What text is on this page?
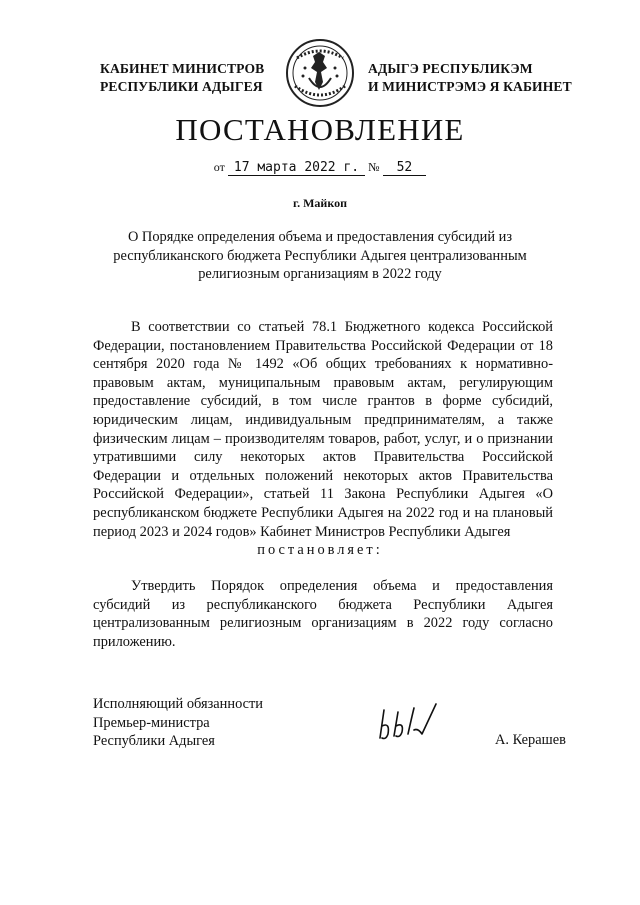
КАБИНЕТ МИНИСТРОВ
РЕСПУБЛИКИ АДЫГЕЯ
АДЫГЭ РЕСПУБЛИКЭМ
И МИНИСТРЭМЭ Я КАБИНЕТ
ПОСТАНОВЛЕНИЕ
от 17 марта 2022 г. № 52
г. Майкоп
О Порядке определения объема и предоставления субсидий из республиканского бюджета Республики Адыгея централизованным религиозным организациям в 2022 году
В соответствии со статьей 78.1 Бюджетного кодекса Российской Федерации, постановлением Правительства Российской Федерации от 18 сентября 2020 года № 1492 «Об общих требованиях к нормативно-правовым актам, муниципальным правовым актам, регулирующим предоставление субсидий, в том числе грантов в форме субсидий, юридическим лицам, индивидуальным предпринимателям, а также физическим лицам – производителям товаров, работ, услуг, и о признании утратившими силу некоторых актов Правительства Российской Федерации и отдельных положений некоторых актов Правительства Российской Федерации», статьей 11 Закона Республики Адыгея «О республиканском бюджете Республики Адыгея на 2022 год и на плановый период 2023 и 2024 годов» Кабинет Министров Республики Адыгея
постановляет:
Утвердить Порядок определения объема и предоставления субсидий из республиканского бюджета Республики Адыгея централизованным религиозным организациям в 2022 году согласно приложению.
Исполняющий обязанности
Премьер-министра
Республики Адыгея	А. Керашев
